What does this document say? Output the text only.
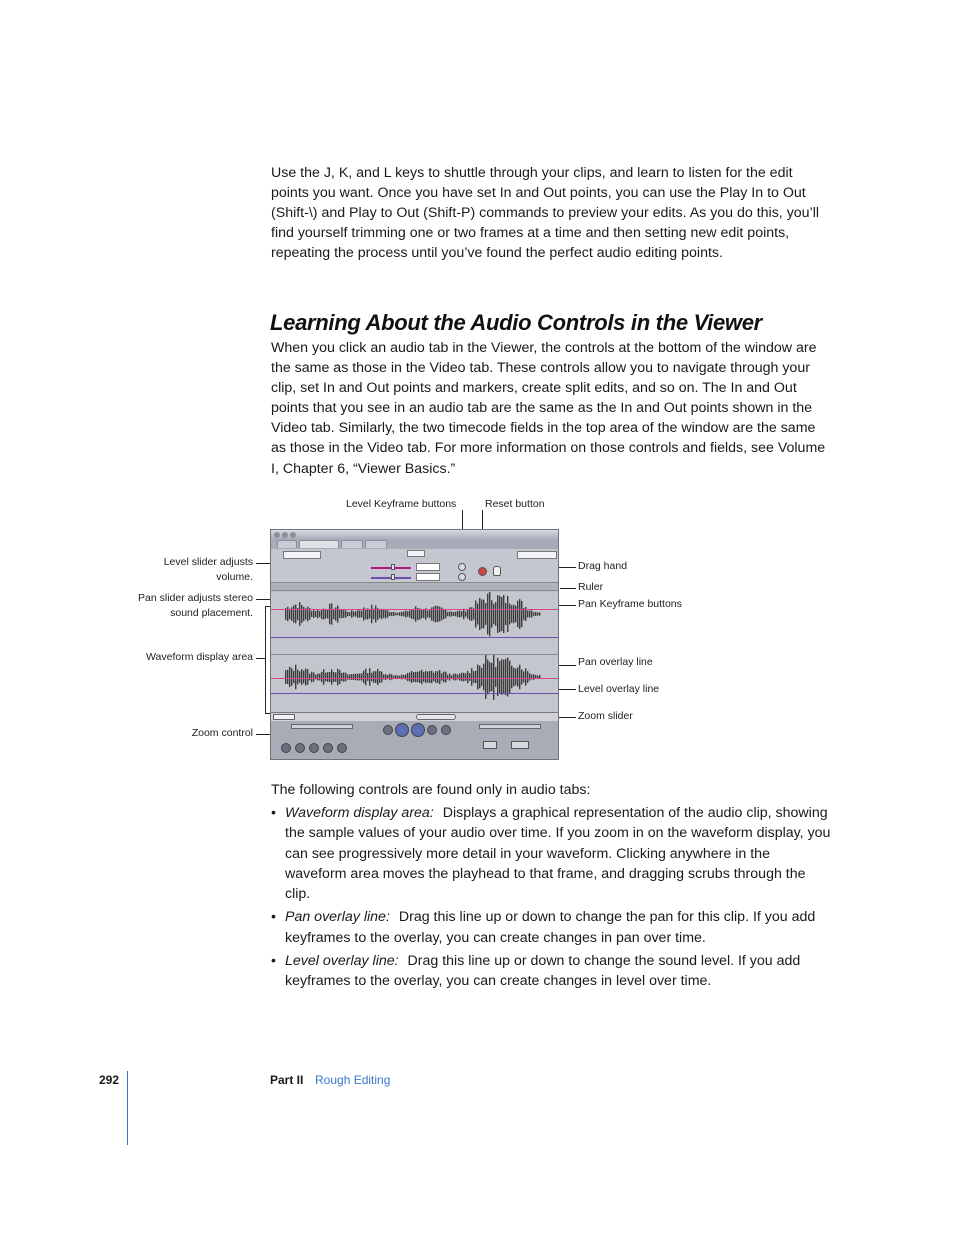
Use the J, K, and L keys to shuttle through your clips, and learn to listen for the edit points you want. Once you have set In and Out points, you can use the Play In to Out (Shift-\) and Play to Out (Shift-P) commands to preview your edits. As you do this, you’ll find yourself trimming one or two frames at a time and then setting new edit points, repeating the process until you’ve found the perfect audio editing points.

Learning About the Audio Controls in the Viewer

When you click an audio tab in the Viewer, the controls at the bottom of the window are the same as those in the Video tab. These controls allow you to navigate through your clip, set In and Out points and markers, create split edits, and so on. The In and Out points that you see in an audio tab are the same as the In and Out points shown in the Video tab. Similarly, the two timecode fields in the top area of the window are the same as those in the Video tab. For more information on those controls and fields, see Volume I, Chapter 6, “Viewer Basics.”

Level Keyframe buttons	Reset button
Level slider adjusts
volume.
Pan slider adjusts stereo
sound placement.
Waveform display area
Zoom control
Drag hand
Ruler
Pan Keyframe buttons
Pan overlay line
Level overlay line
Zoom slider

The following controls are found only in audio tabs:

• Waveform display area: Displays a graphical representation of the audio clip, showing the sample values of your audio over time. If you zoom in on the waveform display, you can see progressively more detail in your waveform. Clicking anywhere in the waveform area moves the playhead to that frame, and dragging scrubs through the clip.
• Pan overlay line: Drag this line up or down to change the pan for this clip. If you add keyframes to the overlay, you can create changes in pan over time.
• Level overlay line: Drag this line up or down to change the sound level. If you add keyframes to the overlay, you can create changes in level over time.
292	Part II Rough Editing
